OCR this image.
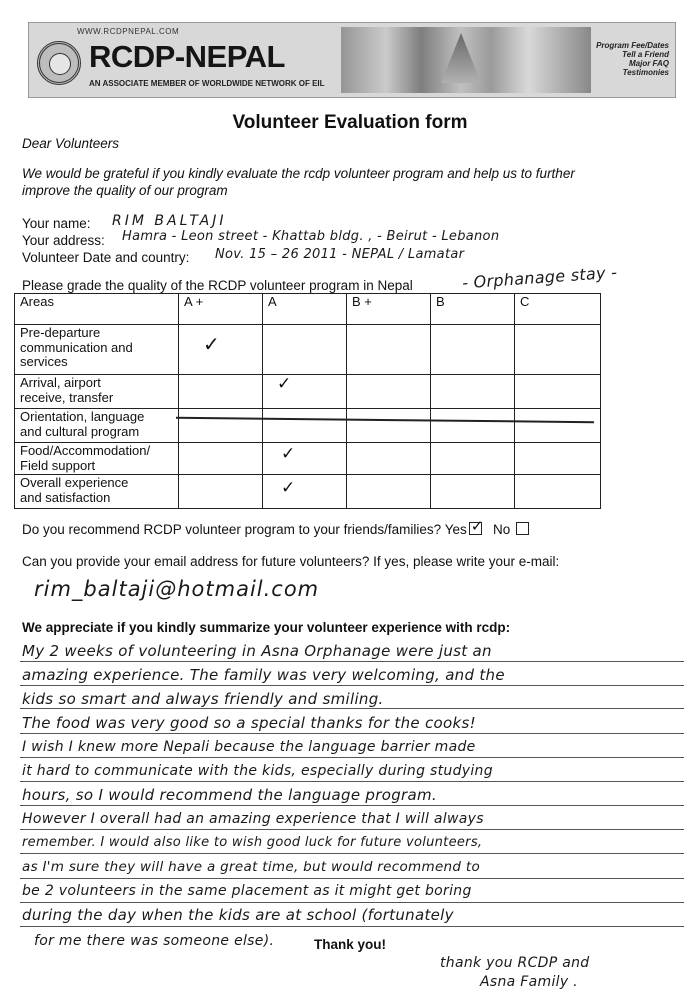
WWW.RCDPNEPAL.COM
RCDP-NEPAL
AN ASSOCIATE MEMBER OF WORLDWIDE NETWORK OF EIL
Program Fee/Dates
Tell a Friend
Major FAQ
Testimonies
Volunteer Evaluation form
Dear Volunteers
We would be grateful if you kindly evaluate the rcdp volunteer program and help us to further
improve the quality of our program
Your name: RIM BALTAJI
Your address: Hamra - Leon street - Khattab bldg. , - Beirut - Lebanon
Volunteer Date and country: Nov. 15 – 26 2011 - NEPAL / Lamatar
Please grade the quality of the RCDP volunteer program in Nepal	- Orphanage stay -
Areas	A +	A	B +	B	C
Pre-departure
communication and
services	✓				

Arrival, airport
receive, transfer		✓			

Orientation, language
and cultural program					
Food/Accommodation/
Field support		✓			

Overall experience
and satisfaction		✓			

Do you recommend RCDP volunteer program to your friends/families? Yes ✓ No
Can you provide your email address for future volunteers? If yes, please write your e-mail:
rim_baltaji@hotmail.com
We appreciate if you kindly summarize your volunteer experience with rcdp:
My 2 weeks of volunteering in Asna Orphanage were just an
amazing experience. The family was very welcoming, and the
kids so smart and always friendly and smiling.
The food was very good so a special thanks for the cooks!
I wish I knew more Nepali because the language barrier made
it hard to communicate with the kids, especially during studying
hours, so I would recommend the language program.
However I overall had an amazing experience that I will always
remember. I would also like to wish good luck for future volunteers,
as I'm sure they will have a great time, but would recommend to
be 2 volunteers in the same placement as it might get boring
during the day when the kids are at school (fortunately
for me there was someone else).	Thank you!
thank you RCDP and
Asna Family .
